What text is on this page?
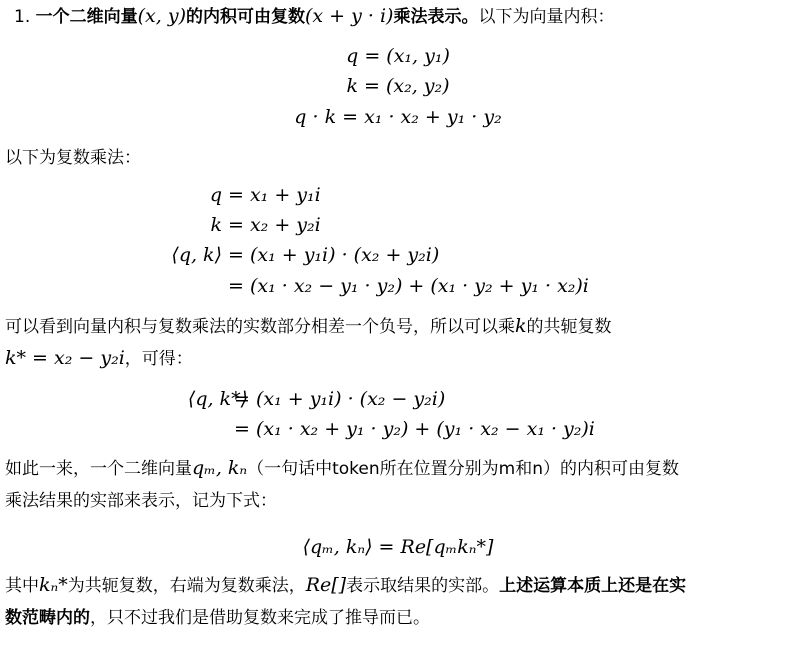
1. 一个二维向量(x, y)的内积可由复数(x + y · i)乘法表示。以下为向量内积：
q = (x₁, y₁)
k = (x₂, y₂)
q · k = x₁ · x₂ + y₁ · y₂
以下为复数乘法：
q = x₁ + y₁i
k = x₂ + y₂i
⟨q, k⟩ = (x₁ + y₁i) · (x₂ + y₂i)
= (x₁ · x₂ − y₁ · y₂) + (x₁ · y₂ + y₁ · x₂)i
可以看到向量内积与复数乘法的实数部分相差一个负号，所以可以乘k的共轭复数
k* = x₂ − y₂i，可得：
⟨q, k*⟩
= (x₁ + y₁i) · (x₂ − y₂i)
= (x₁ · x₂ + y₁ · y₂) + (y₁ · x₂ − x₁ · y₂)i
如此一来，一个二维向量qₘ, kₙ（一句话中token所在位置分别为m和n）的内积可由复数
乘法结果的实部来表示，记为下式：
⟨qₘ, kₙ⟩ = Re[qₘkₙ*]
其中kₙ*为共轭复数，右端为复数乘法，Re[]表示取结果的实部。上述运算本质上还是在实
数范畴内的，只不过我们是借助复数来完成了推导而已。
